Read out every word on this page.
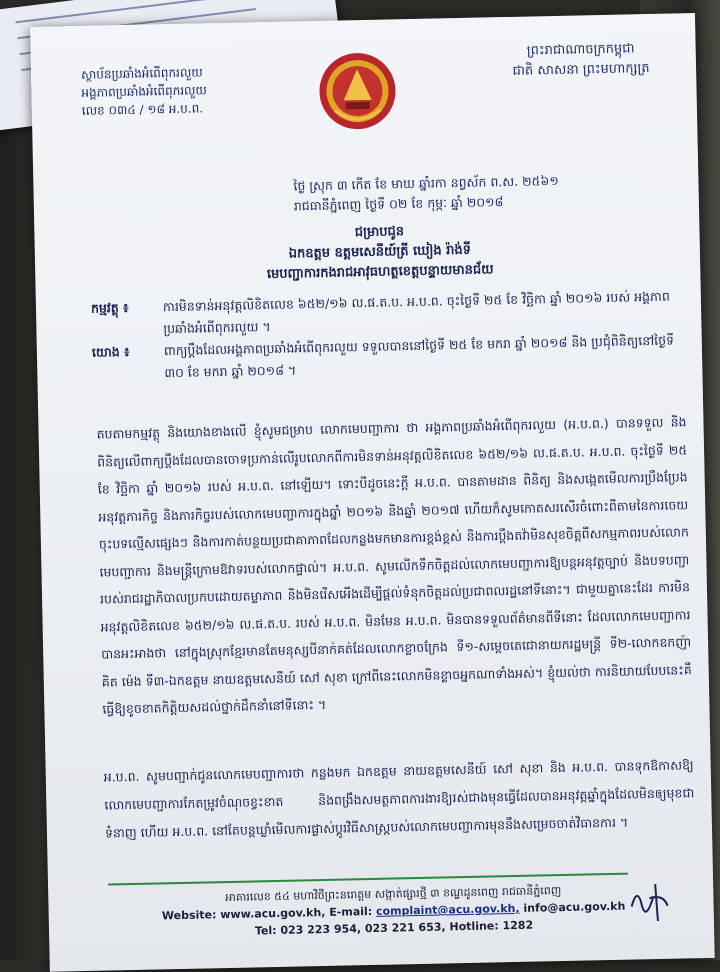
ស្ថាប័នប្រឆាំងអំពើពុករលួយ
អង្គភាពប្រឆាំងអំពើពុករលួយ
លេខ ០៣៤ / ១៨ អ.ប.ព.
ព្រះរាជាណាចក្រកម្ពុជា
ជាតិ សាសនា ព្រះមហាក្សត្រ
ថ្ងៃ ស្រុក ៣ កើត ខែ មាឃ ឆ្នាំរកា នព្វស័ក ព.ស. ២៥៦១
រាជធានីភ្នំពេញ ថ្ងៃទី ០២ ខែ កុម្ភៈ ឆ្នាំ ២០១៨
ជម្រាបជូន
ឯកឧត្តម ឧត្តមសេនីយ៍ត្រី ឃៀង រ៉ាង់ទី
មេបញ្ជាការកងរាជអាវុធហត្ថខេត្តបន្ទាយមានជ័យ
កម្មវត្ថុ ៖	ការមិនទាន់អនុវត្តលិខិតលេខ ៦៥២/១៦ ល.ផ.ត.ប. អ.ប.ព. ចុះថ្ងៃទី ២៥ ខែ វិច្ឆិកា ឆ្នាំ ២០១៦ របស់ អង្គភាពប្រឆាំងអំពើពុករលួយ ។
យោង ៖	ពាក្យប្តឹងដែលអង្គភាពប្រឆាំងអំពើពុករលួយ ទទួលបាននៅថ្ងៃទី ២៥ ខែ មករា ឆ្នាំ ២០១៨ និង ប្រជុំពិនិត្យនៅថ្ងៃទី ៣០ ខែ មករា ឆ្នាំ ២០១៨ ។
តបតាមកម្មវត្ថុ និងយោងខាងលើ ខ្ញុំសូមជម្រាប លោកមេបញ្ជាការ ថា អង្គភាពប្រឆាំងអំពើពុករលួយ (អ.ប.ព.) បានទទួល និងពិនិត្យលើពាក្យប្តឹងដែលបានចោទប្រកាន់លើរូបលោកពីការមិនទាន់អនុវត្តលិខិតលេខ ៦៥២/១៦ ល.ផ.ត.ប. អ.ប.ព. ចុះថ្ងៃទី ២៥ ខែ វិច្ឆិកា ឆ្នាំ ២០១៦ របស់ អ.ប.ព. នៅឡើយ។ ទោះបីដូចនេះក្តី អ.ប.ព. បានតាមដាន ពិនិត្យ និងសង្កេតមើលការប្រឹងប្រែងអនុវត្តភារកិច្ច និងភារកិច្ចរបស់លោកមេបញ្ជាការក្នុងឆ្នាំ ២០១៦ និងឆ្នាំ ២០១៧ ហើយក៏សូមកោតសរសើរចំពោះពីតាមនៃការចេយចុះបទល្មើសផ្សេងៗ និងការកាត់បន្ថយប្រជាគាភាពដែលកន្លងមកមានការខ្ពង់ខ្ពស់ និងការប្តឹងតវ៉ាមិនសុខចិត្តពីសកម្មភាពរបស់លោកមេបញ្ជាការ និងមន្ត្រីក្រោមឱវាទរបស់លោកផ្ទាល់។ អ.ប.ព. សូមលើកទឹកចិត្តដល់លោកមេបញ្ជាការឱ្យបន្តអនុវត្តច្បាប់ និងបទបញ្ជារបស់រាជរដ្ឋាភិបាលប្រកបដោយតម្លាភាព និងមិនរើសអើងដើម្បីផ្តល់ទំនុកចិត្តដល់ប្រជាពលរដ្ឋនៅទីនោះ។ ជាមួយគ្នានេះដែរ ការមិនអនុវត្តលិខិតលេខ ៦៥២/១៦ ល.ផ.ត.ប. របស់ អ.ប.ព. មិនមែន អ.ប.ព. មិនបានទទួលព័ត៌មានពីទីនោះ ដែលលោកមេបញ្ជាការបានអះអាងថា នៅក្នុងស្រុកខ្មែរមានតែមនុស្សបីនាក់គត់ដែលលោកខ្លាចក្រែង ទី១-សម្តេចតេជោនាយករដ្ឋមន្ត្រី ទី២-លោកឧកញ៉ា គិត ម៉េង ទី៣-ឯកឧត្តម នាយឧត្តមសេនីយ៍ សៅ សុខា ក្រៅពីនេះលោកមិនខ្លាចអ្នកណាទាំងអស់។ ខ្ញុំយល់ថា ការនិយាយបែបនេះគឺធ្វើឱ្យខូចខាតកិត្តិយសដល់ថ្នាក់ដឹកនាំនៅទីនោះ ។
អ.ប.ព. សូមបញ្ជាក់ជូនលោកមេបញ្ជាការថា កន្លងមក ឯកឧត្តម នាយឧត្តមសេនីយ៍ សៅ សុខា និង អ.ប.ព. បានទុកឱកាសឱ្យលោកមេបញ្ជាការកែតម្រូវចំណុចខ្វះខាត និងពង្រឹងសមត្ថភាពការងារឱ្យរស់ជាងមុនធ្វើដែលបានអនុវត្តឆ្នាំក្នុងដែលមិនឲ្យមុខជាទំនាញ ហើយ អ.ប.ព. នៅតែបន្តឃ្លាំមើលការផ្លាស់ប្តូរវិធីសាស្ត្របស់លោកមេបញ្ជាការមុននឹងសម្រេចចាត់វិធានការ ។
អាគារលេខ ៥៤ មហាវិថីព្រះនរោត្តម សង្កាត់ផ្សារថ្មី ៣ ខណ្ឌដូនពេញ រាជធានីភ្នំពេញ
Website: www.acu.gov.kh, E-mail: complaint@acu.gov.kh, info@acu.gov.kh
Tel: 023 223 954, 023 221 653, Hotline: 1282
